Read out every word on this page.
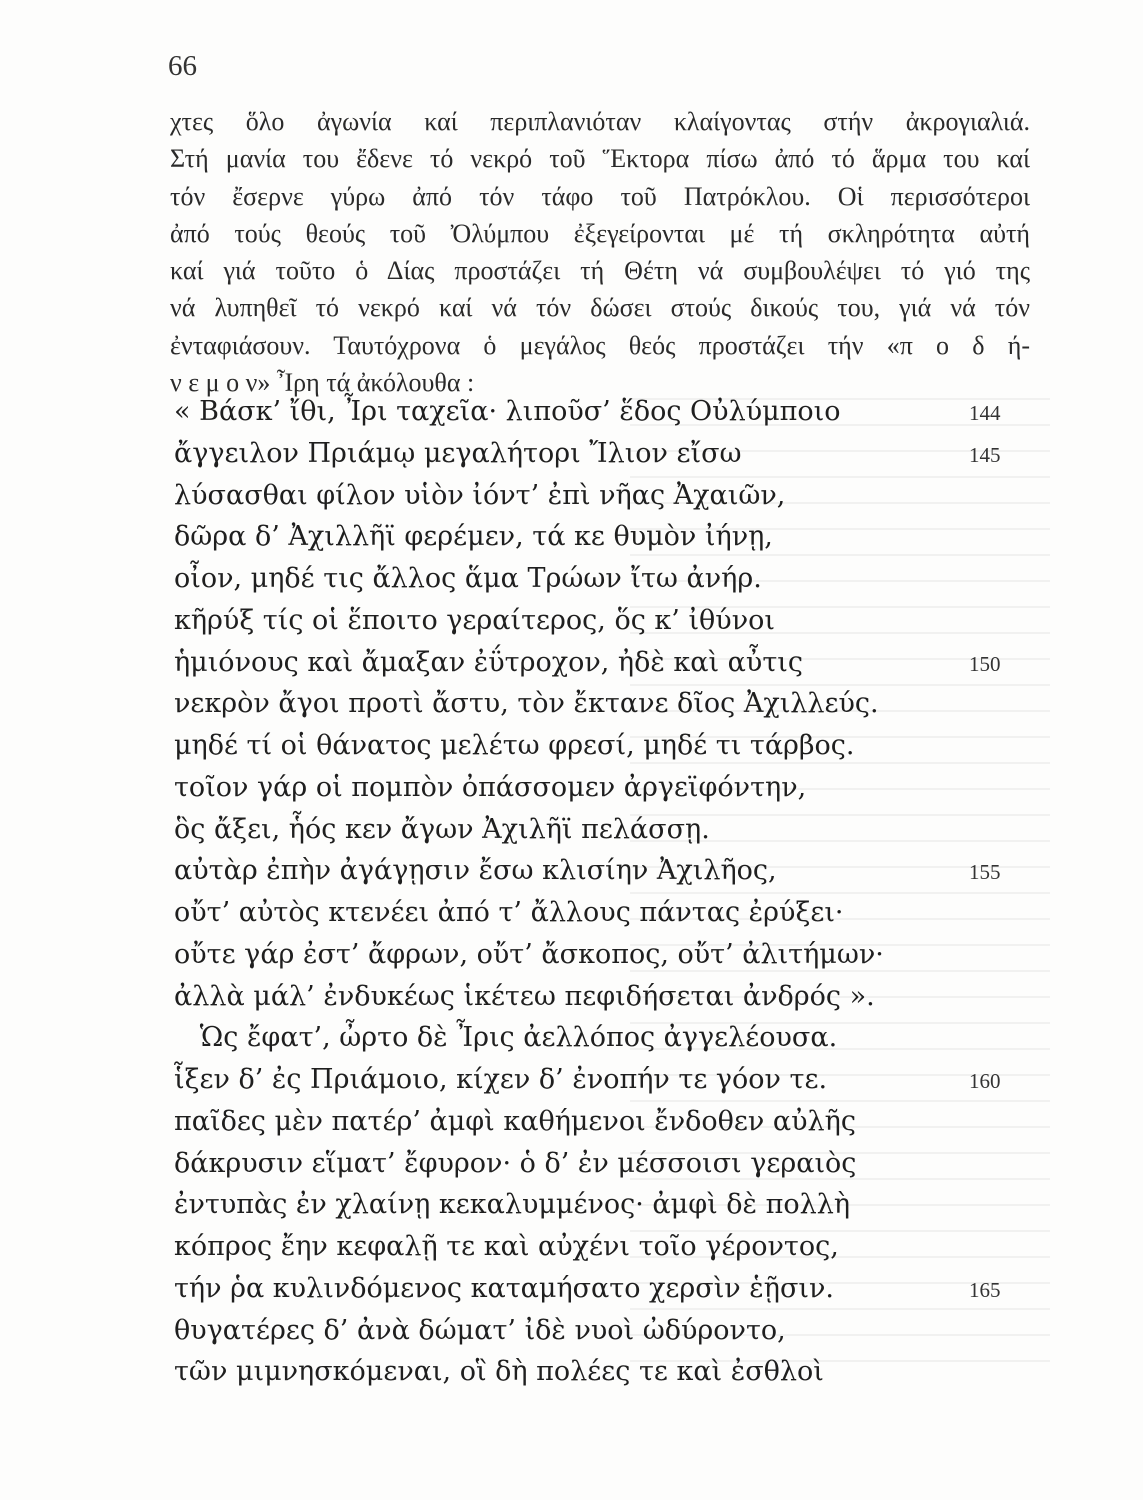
66
χτες ὅλο ἀγωνία καί περιπλανιόταν κλαίγοντας στήν ἀκρογιαλιά.
Στή μανία του ἔδενε τό νεκρό τοῦ Ἕκτορα πίσω ἀπό τό ἅρμα του καί
τόν ἔσερνε γύρω ἀπό τόν τάφο τοῦ Πατρόκλου. Οἱ περισσότεροι
ἀπό τούς θεούς τοῦ Ὀλύμπου ἐξεγείρονται μέ τή σκληρότητα αὐτή
καί γιά τοῦτο ὁ Δίας προστάζει τή Θέτη νά συμβουλέψει τό γιό της
νά λυπηθεῖ τό νεκρό καί νά τόν δώσει στούς δικούς του, γιά νά τόν
ἐνταφιάσουν. Ταυτόχρονα ὁ μεγάλος θεός προστάζει τήν «π ο δ ή-
ν ε μ ο ν» Ἶρη τά ἀκόλουθα :
« Βάσκ’ ἴθι, Ἶρι ταχεῖα· λιποῦσ’ ἕδος Οὐλύμποιο	144
ἄγγειλον Πριάμῳ μεγαλήτορι Ἴλιον εἴσω	145
λύσασθαι φίλον υἱὸν ἰόντ’ ἐπὶ νῆας Ἀχαιῶν,
δῶρα δ’ Ἀχιλλῆϊ φερέμεν, τά κε θυμὸν ἰήνῃ,
οἶον, μηδέ τις ἄλλος ἅμα Τρώων ἴτω ἀνήρ.
κῆρύξ τίς οἱ ἕποιτο γεραίτερος, ὅς κ’ ἰθύνοι
ἡμιόνους καὶ ἄμαξαν ἐΰτροχον, ἠδὲ καὶ αὖτις	150
νεκρὸν ἄγοι προτὶ ἄστυ, τὸν ἔκτανε δῖος Ἀχιλλεύς.
μηδέ τί οἱ θάνατος μελέτω φρεσί, μηδέ τι τάρβος.
τοῖον γάρ οἱ πομπὸν ὀπάσσομεν ἀργεϊφόντην,
ὃς ἄξει, ἧός κεν ἄγων Ἀχιλῆϊ πελάσσῃ.
αὐτὰρ ἐπὴν ἀγάγῃσιν ἔσω κλισίην Ἀχιλῆος,	155
οὔτ’ αὐτὸς κτενέει ἀπό τ’ ἄλλους πάντας ἐρύξει·
οὔτε γάρ ἐστ’ ἄφρων, οὔτ’ ἄσκοπος, οὔτ’ ἀλιτήμων·
ἀλλὰ μάλ’ ἐνδυκέως ἱκέτεω πεφιδήσεται ἀνδρός ».
Ὡς ἔφατ’, ὦρτο δὲ Ἶρις ἀελλόπος ἀγγελέουσα.
ἷξεν δ’ ἐς Πριάμοιο, κίχεν δ’ ἐνοπήν τε γόον τε.	160
παῖδες μὲν πατέρ’ ἀμφὶ καθήμενοι ἔνδοθεν αὐλῆς
δάκρυσιν εἵματ’ ἔφυρον· ὁ δ’ ἐν μέσσοισι γεραιὸς
ἐντυπὰς ἐν χλαίνῃ κεκαλυμμένος· ἀμφὶ δὲ πολλὴ
κόπρος ἔην κεφαλῇ τε καὶ αὐχένι τοῖο γέροντος,
τήν ῥα κυλινδόμενος καταμήσατο χερσὶν ἑῇσιν.	165
θυγατέρες δ’ ἀνὰ δώματ’ ἰδὲ νυοὶ ὠδύροντο,
τῶν μιμνησκόμεναι, οἳ δὴ πολέες τε καὶ ἐσθλοὶ
